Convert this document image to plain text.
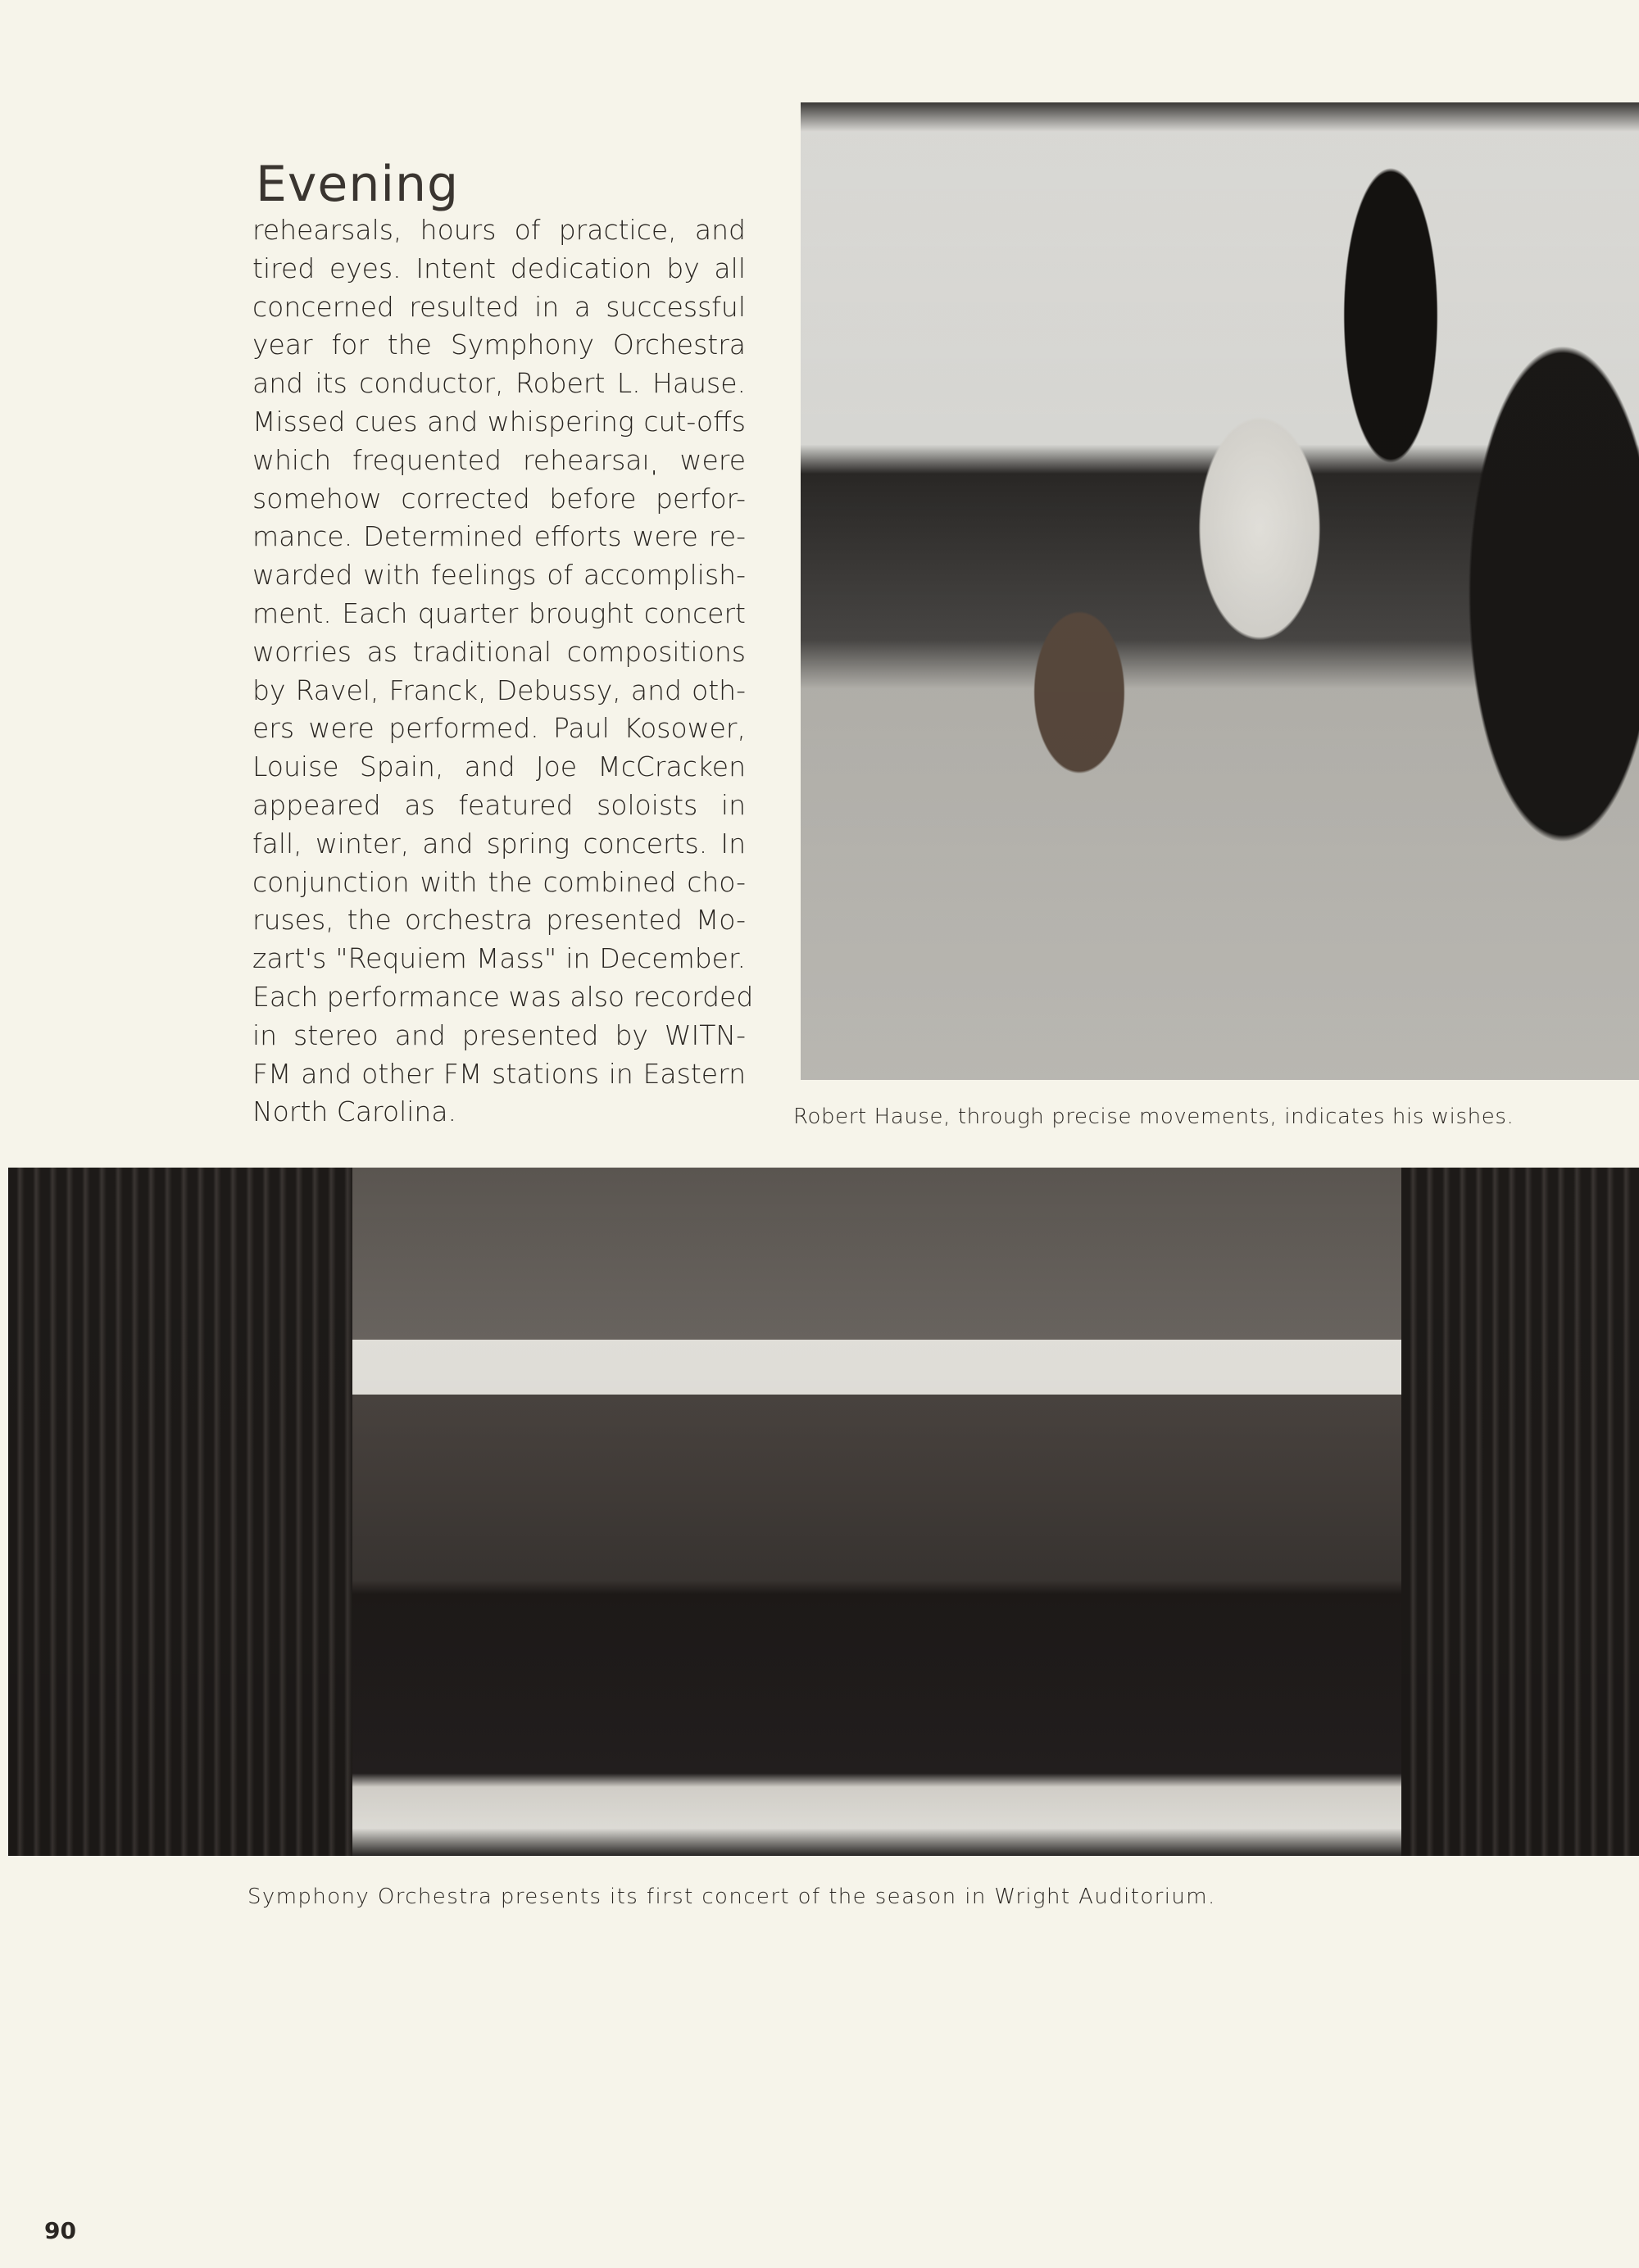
Evening
rehearsals, hours of practice, and
tired eyes. Intent dedication by all
concerned resulted in a successful
year for the Symphony Orchestra
and its conductor, Robert L. Hause.
Missed cues and whispering cut-offs
which frequented rehearsaıˌ were
somehow corrected before perfor-
mance. Determined efforts were re-
warded with feelings of accomplish-
ment. Each quarter brought concert
worries as traditional compositions
by Ravel, Franck, Debussy, and oth-
ers were performed. Paul Kosower,
Louise Spain, and Joe McCracken
appeared as featured soloists in
fall, winter, and spring concerts. In
conjunction with the combined cho-
ruses, the orchestra presented Mo-
zart's "Requiem Mass" in December.
Each performance was also recorded
in stereo and presented by WITN-
FM and other FM stations in Eastern
North Carolina.	Robert Hause, through precise movements, indicates his wishes.
Symphony Orchestra presents its first concert of the season in Wright Auditorium.
90
